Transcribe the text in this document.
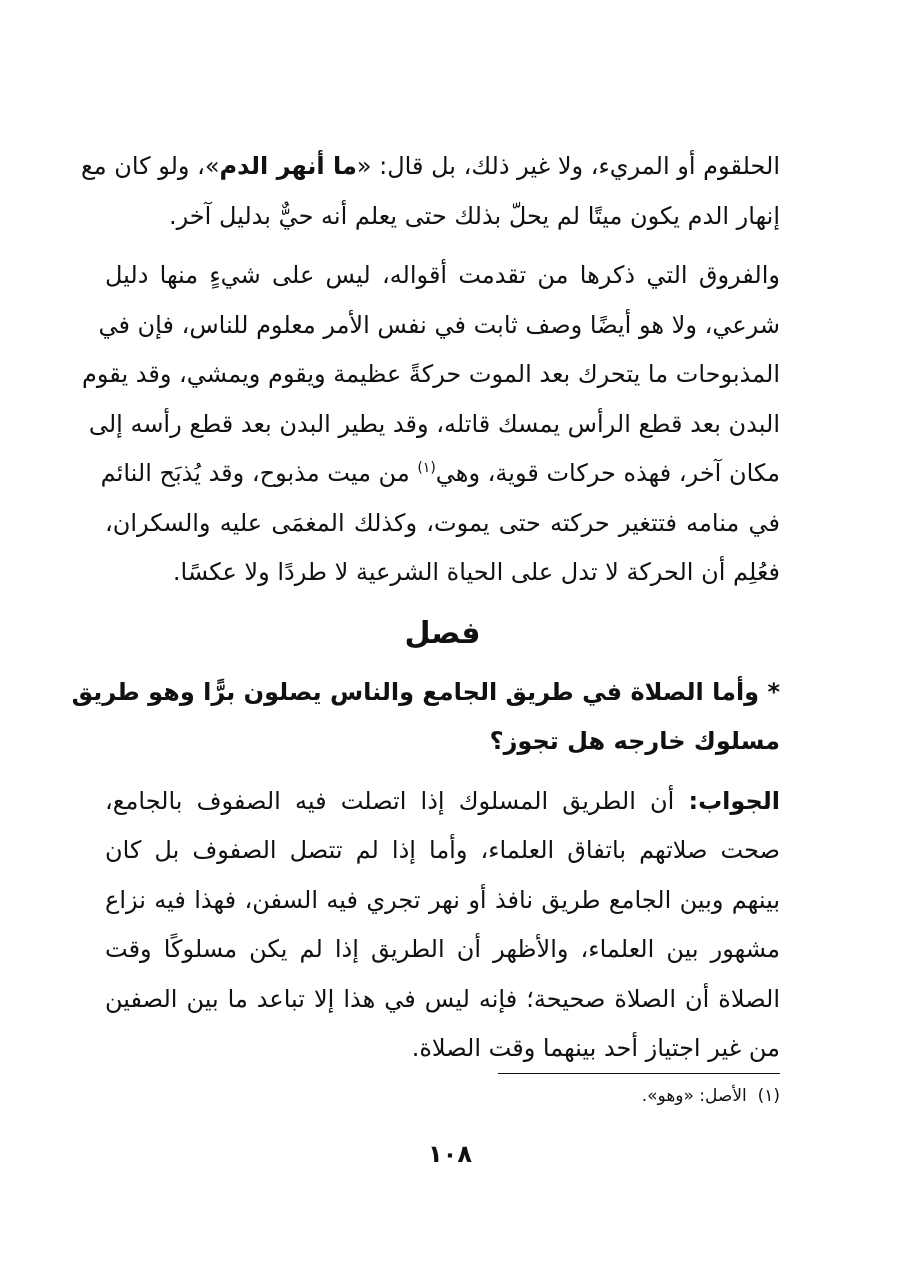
الحلقوم أو المريء، ولا غير ذلك، بل قال: «ما أنهر الدم»، ولو كان مع
إنهار الدم يكون ميتًا لم يحلّ بذلك حتى يعلم أنه حيٌّ بدليل آخر.
والفروق التي ذكرها من تقدمت أقواله، ليس على شيءٍ منها دليل
شرعي، ولا هو أيضًا وصف ثابت في نفس الأمر معلوم للناس، فإن في
المذبوحات ما يتحرك بعد الموت حركةً عظيمة ويقوم ويمشي، وقد يقوم
البدن بعد قطع الرأس يمسك قاتله، وقد يطير البدن بعد قطع رأسه إلى
مكان آخر، فهذه حركات قوية، وهي$^{(١)}$ من ميت مذبوح، وقد يُذبَح النائم
في منامه فتتغير حركته حتى يموت، وكذلك المغمَى عليه والسكران،
فعُلِم أن الحركة لا تدل على الحياة الشرعية لا طردًا ولا عكسًا.
فصل
* وأما الصلاة في طريق الجامع والناس يصلون برًّا وهو طريق
مسلوك خارجه هل تجوز؟
الجواب: أن الطريق المسلوك إذا اتصلت فيه الصفوف بالجامع،
صحت صلاتهم باتفاق العلماء، وأما إذا لم تتصل الصفوف بل كان
بينهم وبين الجامع طريق نافذ أو نهر تجري فيه السفن، فهذا فيه نزاع
مشهور بين العلماء، والأظهر أن الطريق إذا لم يكن مسلوكًا وقت
الصلاة أن الصلاة صحيحة؛ فإنه ليس في هذا إلا تباعد ما بين الصفين
من غير اجتياز أحد بينهما وقت الصلاة.
(١)  الأصل: «وهو».
١٠٨
